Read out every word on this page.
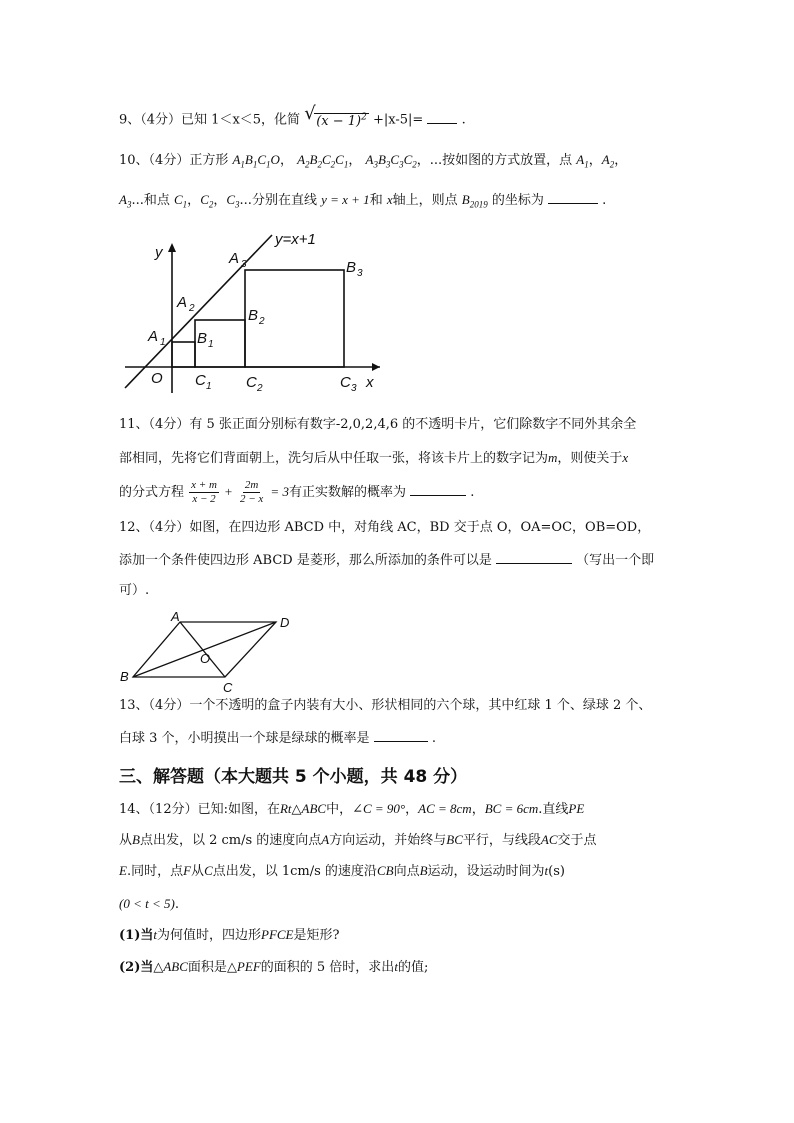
9、（4分）已知 1＜x＜5，化简 √ $(x - 1)^2 +|x-5|=$	.
10、（4分）正方形 $A_1B_1C_1O$， $A_2B_2C_2C_1$， $A_3B_3C_3C_2$，...按如图的方式放置，点 $A_1$，$A_2$，
$A_3$...和点 $C_1$，$C_2$，$C_3$...分别在直线 y = x + 1和 x轴上，则点 $B_{2019}$ 的坐标为	.
y=x+1
y
x
O
A 1
A 2
A 3
B 1
B 2
B 3
C 1 C 2	C 3
11、（4分）有 5 张正面分别标有数字-2,0,2,4,6 的不透明卡片，它们除数字不同外其余全
部相同，先将它们背面朝上，洗匀后从中任取一张，将该卡片上的数字记为m，则使关于x
的分式方程 $\frac{x + m}{x - 2} + \frac{2m}{2 - x} = 3$有正实数解的概率为	.
12、（4分）如图，在四边形 ABCD 中，对角线 AC，BD 交于点 O，OA=OC，OB=OD，
添加一个条件使四边形 ABCD 是菱形，那么所添加的条件可以是	（写出一个即
可）.
A
B
C
D
O
13、（4分）一个不透明的盒子内装有大小、形状相同的六个球，其中红球 1 个、绿球 2 个、
白球 3 个，小明摸出一个球是绿球的概率是	.
三、解答题（本大题共 5 个小题，共 48 分）
14、（12分）已知:如图，在Rt△ABC中，∠C = 90°，AC = 8cm，BC = 6cm.直线PE
从B点出发，以 2 cm/s 的速度向点A方向运动，并始终与BC平行，与线段AC交于点
E.同时，点F从C点出发，以 1cm/s 的速度沿CB向点B运动，设运动时间为t(s)
(0 < t < 5).
(1)当t为何值时，四边形PFCE是矩形?
(2)当△ABC面积是△PEF的面积的 5 倍时，求出t的值;
